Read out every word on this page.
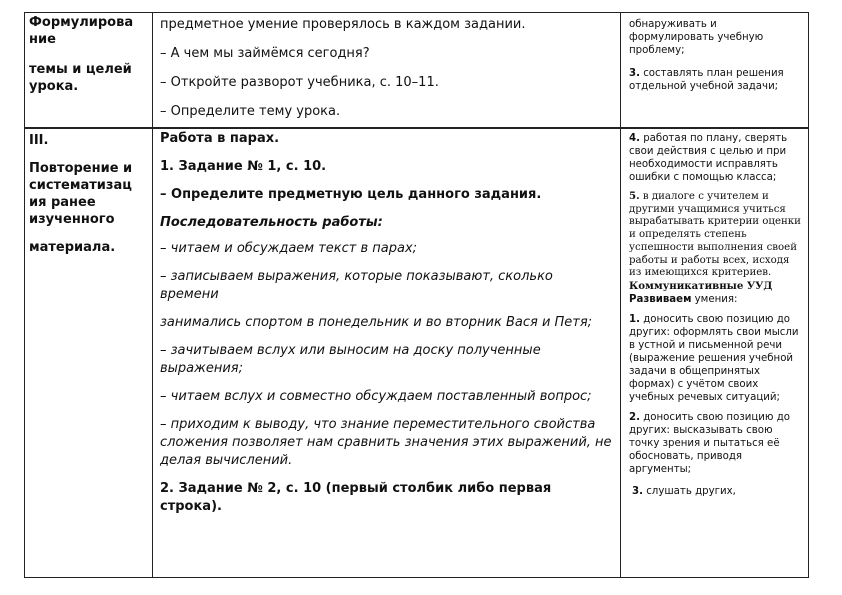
Формулирова

ние

темы и целей урока.

предметное умение проверялось в каждом задании.

– А чем мы займёмся сегодня?

– Откройте разворот учебника, с. 10–11.

– Определите тему урока.

обнаруживать и формулировать учебную проблему;

3. составлять план решения отдельной учебной задачи;

III.

Повторение и систематизац

ия ранее изученного

материала.

Работа в парах.

1. Задание № 1, с. 10.

– Определите предметную цель данного задания.

Последовательность работы:

– читаем и обсуждаем текст в парах;

– записываем выражения, которые показывают, сколько времени

занимались спортом в понедельник и во вторник Вася и Петя;

– зачитываем вслух или выносим на доску полученные выражения;

– читаем вслух и совместно обсуждаем поставленный вопрос;

– приходим к выводу, что знание переместительного свойства сложения позволяет нам сравнить значения этих выражений, не делая вычислений.

2. Задание № 2, с. 10 (первый столбик либо первая строка).

4. работая по плану, сверять свои действия с целью и при необходимости исправлять ошибки с помощью класса;

5. в диалоге с учителем и другими учащимися учиться вырабатывать критерии оценки и определять степень успешности выполнения своей работы и работы всех, исходя из имеющихся критериев.

Коммуникативные УУД

Развиваем умения:

1. доносить свою позицию до других: оформлять свои мысли в устной и письменной речи (выражение решения учебной задачи в общепринятых формах) с учётом своих учебных речевых ситуаций;

2. доносить свою позицию до других: высказывать свою точку зрения и пытаться её обосновать, приводя аргументы;

3. слушать других,
